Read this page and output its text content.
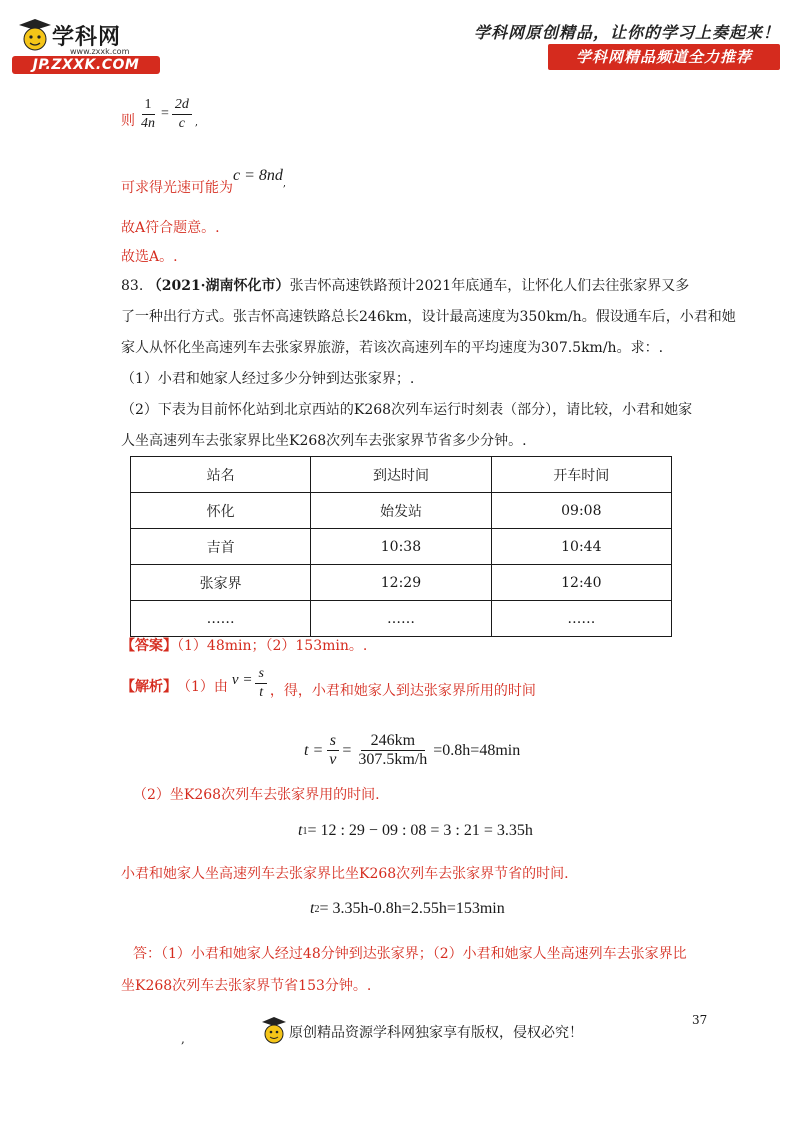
学科网
www.zxxk.com
JP.ZXXK.COM
学科网原创精品，让你的学习上奏起来！
学科网精品频道全力推荐
则 $\frac{1}{4n} = \frac{2d}{c}$ ,
可求得光速可能为
c = 8nd ,
故A符合题意。.
故选A。.
83. （2021·湖南怀化市）张吉怀高速铁路预计2021年底通车，让怀化人们去往张家界又多
了一种出行方式。张吉怀高速铁路总长246km，设计最高速度为350km/h。假设通车后，小君和她
家人从怀化坐高速列车去张家界旅游，若该次高速列车的平均速度为307.5km/h。求：.
（1）小君和她家人经过多少分钟到达张家界；.
（2）下表为目前怀化站到北京西站的K268次列车运行时刻表（部分），请比较，小君和她家
人坐高速列车去张家界比坐K268次列车去张家界节省多少分钟。.
站名	到达时间	开车时间
怀化	始发站	09:08
吉首	10:38	10:44
张家界	12:29	12:40
……	……	……
【答案】（1）48min；（2）153min。.
【解析】 （1）由 $v = \frac{s}{t}$ ，得，小君和她家人到达张家界所用的时间
$t = \frac{s}{v} = \frac{246km}{307.5km/h} =0.8h=48\min$
（2）坐K268次列车去张家界用的时间.
t 1 = 12 : 29 − 09 : 08 = 3 : 21 = 3.35h
小君和她家人坐高速列车去张家界比坐K268次列车去张家界节省的时间.
t 2 = 3.35h-0.8h=2.55h=153min
答：（1）小君和她家人经过48分钟到达张家界；（2）小君和她家人坐高速列车去张家界比
坐K268次列车去张家界节省153分钟。.
37
,	原创精品资源学科网独家享有版权，侵权必究！
